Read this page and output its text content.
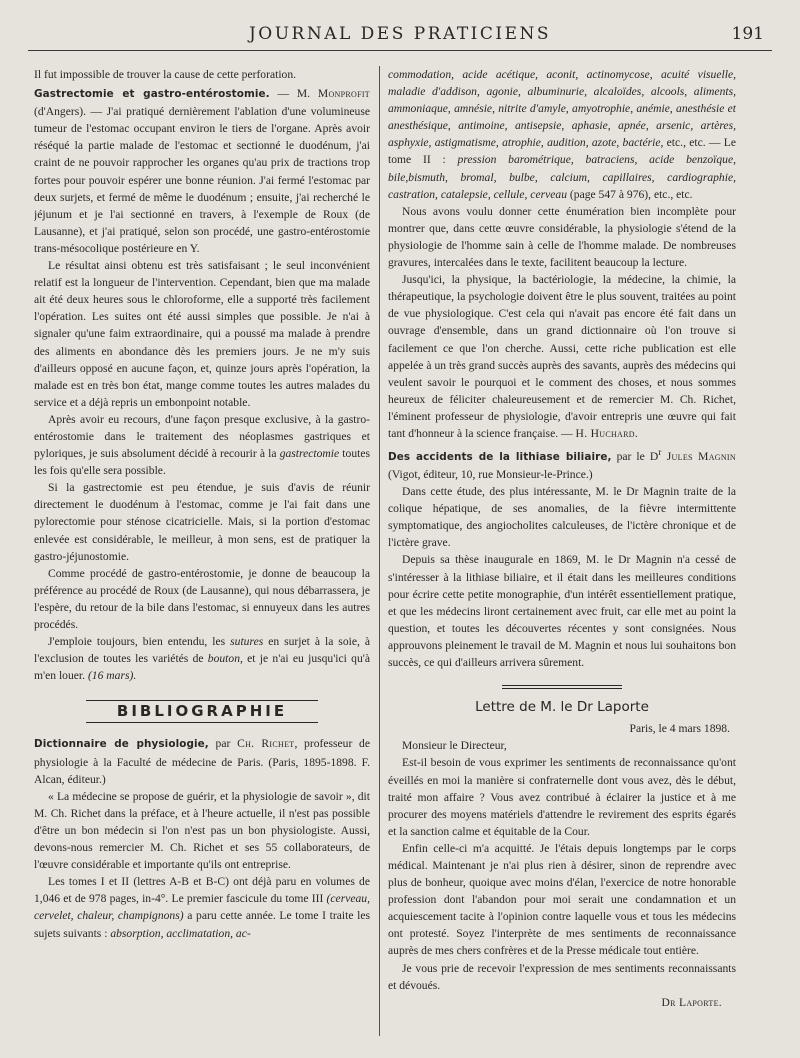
JOURNAL DES PRATICIENS	191

Il fut impossible de trouver la cause de cette perforation.

Gastrectomie et gastro-entérostomie. — M. Monprofit (d'Angers). — J'ai pratiqué dernièrement l'ablation d'une volumineuse tumeur de l'estomac occupant environ le tiers de l'organe. Après avoir réséqué la partie malade de l'estomac et sectionné le duodénum, j'ai craint de ne pouvoir rapprocher les organes qu'au prix de tractions trop fortes pour pouvoir espérer une bonne réunion. J'ai fermé l'estomac par deux surjets, et fermé de même le duodénum ; ensuite, j'ai recherché le jéjunum et je l'ai sectionné en travers, à l'exemple de Roux (de Lausanne), et j'ai pratiqué, selon son procédé, une gastro-entérostomie trans-mésocolique postérieure en Y.

Le résultat ainsi obtenu est très satisfaisant ; le seul inconvénient relatif est la longueur de l'intervention. Cependant, bien que ma malade ait été deux heures sous le chloroforme, elle a supporté très facilement l'opération. Les suites ont été aussi simples que possible. Je n'ai à signaler qu'une faim extraordinaire, qui a poussé ma malade à prendre des aliments en abondance dès les premiers jours. Je ne m'y suis d'ailleurs opposé en aucune façon, et, quinze jours après l'opération, la malade est en très bon état, mange comme toutes les autres malades du service et a déjà repris un embonpoint notable.

Après avoir eu recours, d'une façon presque exclusive, à la gastro-entérostomie dans le traitement des néoplasmes gastriques et pyloriques, je suis absolument décidé à recourir à la gastrectomie toutes les fois qu'elle sera possible.

Si la gastrectomie est peu étendue, je suis d'avis de réunir directement le duodénum à l'estomac, comme je l'ai fait dans une pylorectomie pour sténose cicatricielle. Mais, si la portion d'estomac enlevée est considérable, le meilleur, à mon sens, est de pratiquer la gastro-jéjunostomie.

Comme procédé de gastro-entérostomie, je donne de beaucoup la préférence au procédé de Roux (de Lausanne), qui nous débarrassera, je l'espère, du retour de la bile dans l'estomac, si ennuyeux dans les autres procédés.

J'emploie toujours, bien entendu, les sutures en surjet à la soie, à l'exclusion de toutes les variétés de bouton, et je n'ai eu jusqu'ici qu'à m'en louer. (16 mars).

BIBLIOGRAPHIE

Dictionnaire de physiologie, par Ch. Richet, professeur de physiologie à la Faculté de médecine de Paris. (Paris, 1895-1898. F. Alcan, éditeur.)

« La médecine se propose de guérir, et la physiologie de savoir », dit M. Ch. Richet dans la préface, et à l'heure actuelle, il n'est pas possible d'être un bon médecin si l'on n'est pas un bon physiologiste. Aussi, devons-nous remercier M. Ch. Richet et ses 55 collaborateurs, de l'œuvre considérable et importante qu'ils ont entreprise.

Les tomes I et II (lettres A-B et B-C) ont déjà paru en volumes de 1,046 et de 978 pages, in-4°. Le premier fascicule du tome III (cerveau, cervelet, chaleur, champignons) a paru cette année. Le tome I traite les sujets suivants : absorption, acclimatation, ac-

commodation, acide acétique, aconit, actinomycose, acuité visuelle, maladie d'addison, agonie, albuminurie, alcaloïdes, alcools, aliments, ammoniaque, amnésie, nitrite d'amyle, amyotrophie, anémie, anesthésie et anesthésique, antimoine, antisepsie, aphasie, apnée, arsenic, artères, asphyxie, astigmatisme, atrophie, audition, azote, bactérie, etc., etc. — Le tome II : pression barométrique, batraciens, acide benzoïque, bile,bismuth, bromal, bulbe, calcium, capillaires, cardiographie, castration, catalepsie, cellule, cerveau (page 547 à 976), etc., etc.

Nous avons voulu donner cette énumération bien incomplète pour montrer que, dans cette œuvre considérable, la physiologie s'étend de la physiologie de l'homme sain à celle de l'homme malade. De nombreuses gravures, intercalées dans le texte, facilitent beaucoup la lecture.

Jusqu'ici, la physique, la bactériologie, la médecine, la chimie, la thérapeutique, la psychologie doivent être le plus souvent, traitées au point de vue physiologique. C'est cela qui n'avait pas encore été fait dans un ouvrage d'ensemble, dans un grand dictionnaire où l'on trouve si facilement ce que l'on cherche. Aussi, cette riche publication est elle appelée à un très grand succès auprès des savants, auprès des médecins qui veulent savoir le pourquoi et le comment des choses, et nous sommes heureux de féliciter chaleureusement et de remercier M. Ch. Richet, l'éminent professeur de physiologie, d'avoir entrepris une œuvre qui fait tant d'honneur à la science française. — H. Huchard.

Des accidents de la lithiase biliaire, par le $D^r$ Jules Magnin (Vigot, éditeur, 10, rue Monsieur-le-Prince.)

Dans cette étude, des plus intéressante, M. le Dr Magnin traite de la colique hépatique, de ses anomalies, de la fièvre intermittente symptomatique, des angiocholites calculeuses, de l'ictère chronique et de l'ictère grave.

Depuis sa thèse inaugurale en 1869, M. le Dr Magnin n'a cessé de s'intéresser à la lithiase biliaire, et il était dans les meilleures conditions pour écrire cette petite monographie, d'un intérêt essentiellement pratique, et que les médecins liront certainement avec fruit, car elle met au point la question, et toutes les découvertes récentes y sont consignées. Nous approuvons pleinement le travail de M. Magnin et nous lui souhaitons bon succès, ce qui d'ailleurs arrivera sûrement.

Lettre de M. le Dr Laporte
Paris, le 4 mars 1898.

Monsieur le Directeur,

Est-il besoin de vous exprimer les sentiments de reconnaissance qu'ont éveillés en moi la manière si confraternelle dont vous avez, dès le début, traité mon affaire ? Vous avez contribué à éclairer la justice et à me procurer des moyens matériels d'attendre le revirement des esprits égarés et la sanction calme et équitable de la Cour.

Enfin celle-ci m'a acquitté. Je l'étais depuis longtemps par le corps médical. Maintenant je n'ai plus rien à désirer, sinon de reprendre avec plus de bonheur, quoique avec moins d'élan, l'exercice de notre honorable profession dont l'abandon pour moi serait une condamnation et un acquiescement tacite à l'opinion contre laquelle vous et tous les médecins ont protesté. Soyez l'interprète de mes sentiments de reconnaissance auprès de mes chers confrères et de la Presse médicale tout entière.

Je vous prie de recevoir l'expression de mes sentiments reconnaissants et dévoués.

Dr Laporte.
